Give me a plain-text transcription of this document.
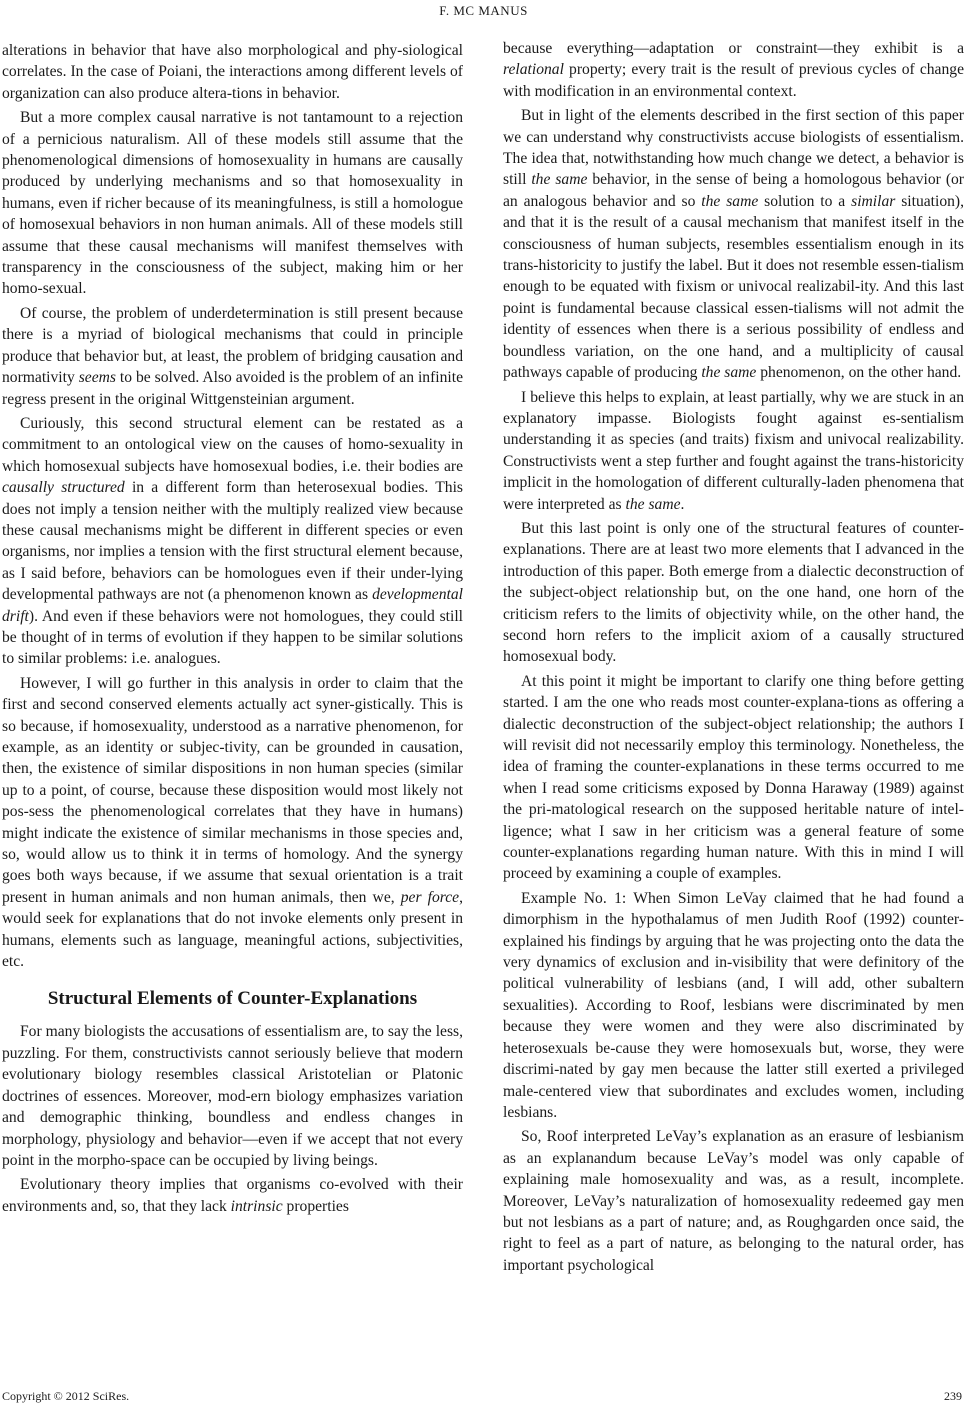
F. MC MANUS

alterations in behavior that have also morphological and phy-siological correlates. In the case of Poiani, the interactions among different levels of organization can also produce altera-tions in behavior.

But a more complex causal narrative is not tantamount to a rejection of a pernicious naturalism. All of these models still assume that the phenomenological dimensions of homosexuality in humans are causally produced by underlying mechanisms and so that homosexuality in humans, even if richer because of its meaningfulness, is still a homologue of homosexual behaviors in non human animals. All of these models still assume that these causal mechanisms will manifest themselves with transparency in the consciousness of the subject, making him or her homo-sexual.

Of course, the problem of underdetermination is still present because there is a myriad of biological mechanisms that could in principle produce that behavior but, at least, the problem of bridging causation and normativity seems to be solved. Also avoided is the problem of an infinite regress present in the original Wittgensteinian argument.

Curiously, this second structural element can be restated as a commitment to an ontological view on the causes of homo-sexuality in which homosexual subjects have homosexual bodies, i.e. their bodies are causally structured in a different form than heterosexual bodies. This does not imply a tension neither with the multiply realized view because these causal mechanisms might be different in different species or even organisms, nor implies a tension with the first structural element because, as I said before, behaviors can be homologues even if their under-lying developmental pathways are not (a phenomenon known as developmental drift). And even if these behaviors were not homologues, they could still be thought of in terms of evolution if they happen to be similar solutions to similar problems: i.e. analogues.

However, I will go further in this analysis in order to claim that the first and second conserved elements actually act syner-gistically. This is so because, if homosexuality, understood as a narrative phenomenon, for example, as an identity or subjec-tivity, can be grounded in causation, then, the existence of similar dispositions in non human species (similar up to a point, of course, because these disposition would most likely not pos-sess the phenomenological correlates that they have in humans) might indicate the existence of similar mechanisms in those species and, so, would allow us to think it in terms of homology. And the synergy goes both ways because, if we assume that sexual orientation is a trait present in human animals and non human animals, then we, per force, would seek for explanations that do not invoke elements only present in humans, elements such as language, meaningful actions, subjectivities, etc.

Structural Elements of Counter-Explanations

For many biologists the accusations of essentialism are, to say the less, puzzling. For them, constructivists cannot seriously believe that modern evolutionary biology resembles classical Aristotelian or Platonic doctrines of essences. Moreover, mod-ern biology emphasizes variation and demographic thinking, boundless and endless changes in morphology, physiology and behavior—even if we accept that not every point in the morpho-space can be occupied by living beings.

Evolutionary theory implies that organisms co-evolved with their environments and, so, that they lack intrinsic properties

because everything—adaptation or constraint—they exhibit is a relational property; every trait is the result of previous cycles of change with modification in an environmental context.

But in light of the elements described in the first section of this paper we can understand why constructivists accuse biologists of essentialism. The idea that, notwithstanding how much change we detect, a behavior is still the same behavior, in the sense of being a homologous behavior (or an analogous behavior and so the same solution to a similar situation), and that it is the result of a causal mechanism that manifest itself in the consciousness of human subjects, resembles essentialism enough in its trans-historicity to justify the label. But it does not resemble essen-tialism enough to be equated with fixism or univocal realizabil-ity. And this last point is fundamental because classical essen-tialisms will not admit the identity of essences when there is a serious possibility of endless and boundless variation, on the one hand, and a multiplicity of causal pathways capable of producing the same phenomenon, on the other hand.

I believe this helps to explain, at least partially, why we are stuck in an explanatory impasse. Biologists fought against es-sentialism understanding it as species (and traits) fixism and univocal realizability. Constructivists went a step further and fought against the trans-historicity implicit in the homologation of different culturally-laden phenomena that were interpreted as the same.

But this last point is only one of the structural features of counter-explanations. There are at least two more elements that I advanced in the introduction of this paper. Both emerge from a dialectic deconstruction of the subject-object relationship but, on the one hand, one horn of the criticism refers to the limits of objectivity while, on the other hand, the second horn refers to the implicit axiom of a causally structured homosexual body.

At this point it might be important to clarify one thing before getting started. I am the one who reads most counter-explana-tions as offering a dialectic deconstruction of the subject-object relationship; the authors I will revisit did not necessarily employ this terminology. Nonetheless, the idea of framing the counter-explanations in these terms occurred to me when I read some criticisms exposed by Donna Haraway (1989) against the pri-matological research on the supposed heritable nature of intel-ligence; what I saw in her criticism was a general feature of some counter-explanations regarding human nature. With this in mind I will proceed by examining a couple of examples.

Example No. 1: When Simon LeVay claimed that he had found a dimorphism in the hypothalamus of men Judith Roof (1992) counter-explained his findings by arguing that he was projecting onto the data the very dynamics of exclusion and in-visibility that were definitory of the political vulnerability of lesbians (and, I will add, other subaltern sexualities). According to Roof, lesbians were discriminated by men because they were women and they were also discriminated by heterosexuals be-cause they were homosexuals but, worse, they were discrimi-nated by gay men because the latter still exerted a privileged male-centered view that subordinates and excludes women, including lesbians.

So, Roof interpreted LeVay’s explanation as an erasure of lesbianism as an explanandum because LeVay’s model was only capable of explaining male homosexuality and was, as a result, incomplete. Moreover, LeVay’s naturalization of homosexuality redeemed gay men but not lesbians as a part of nature; and, as Roughgarden once said, the right to feel as a part of nature, as belonging to the natural order, has important psychological

Copyright © 2012 SciRes.	239
